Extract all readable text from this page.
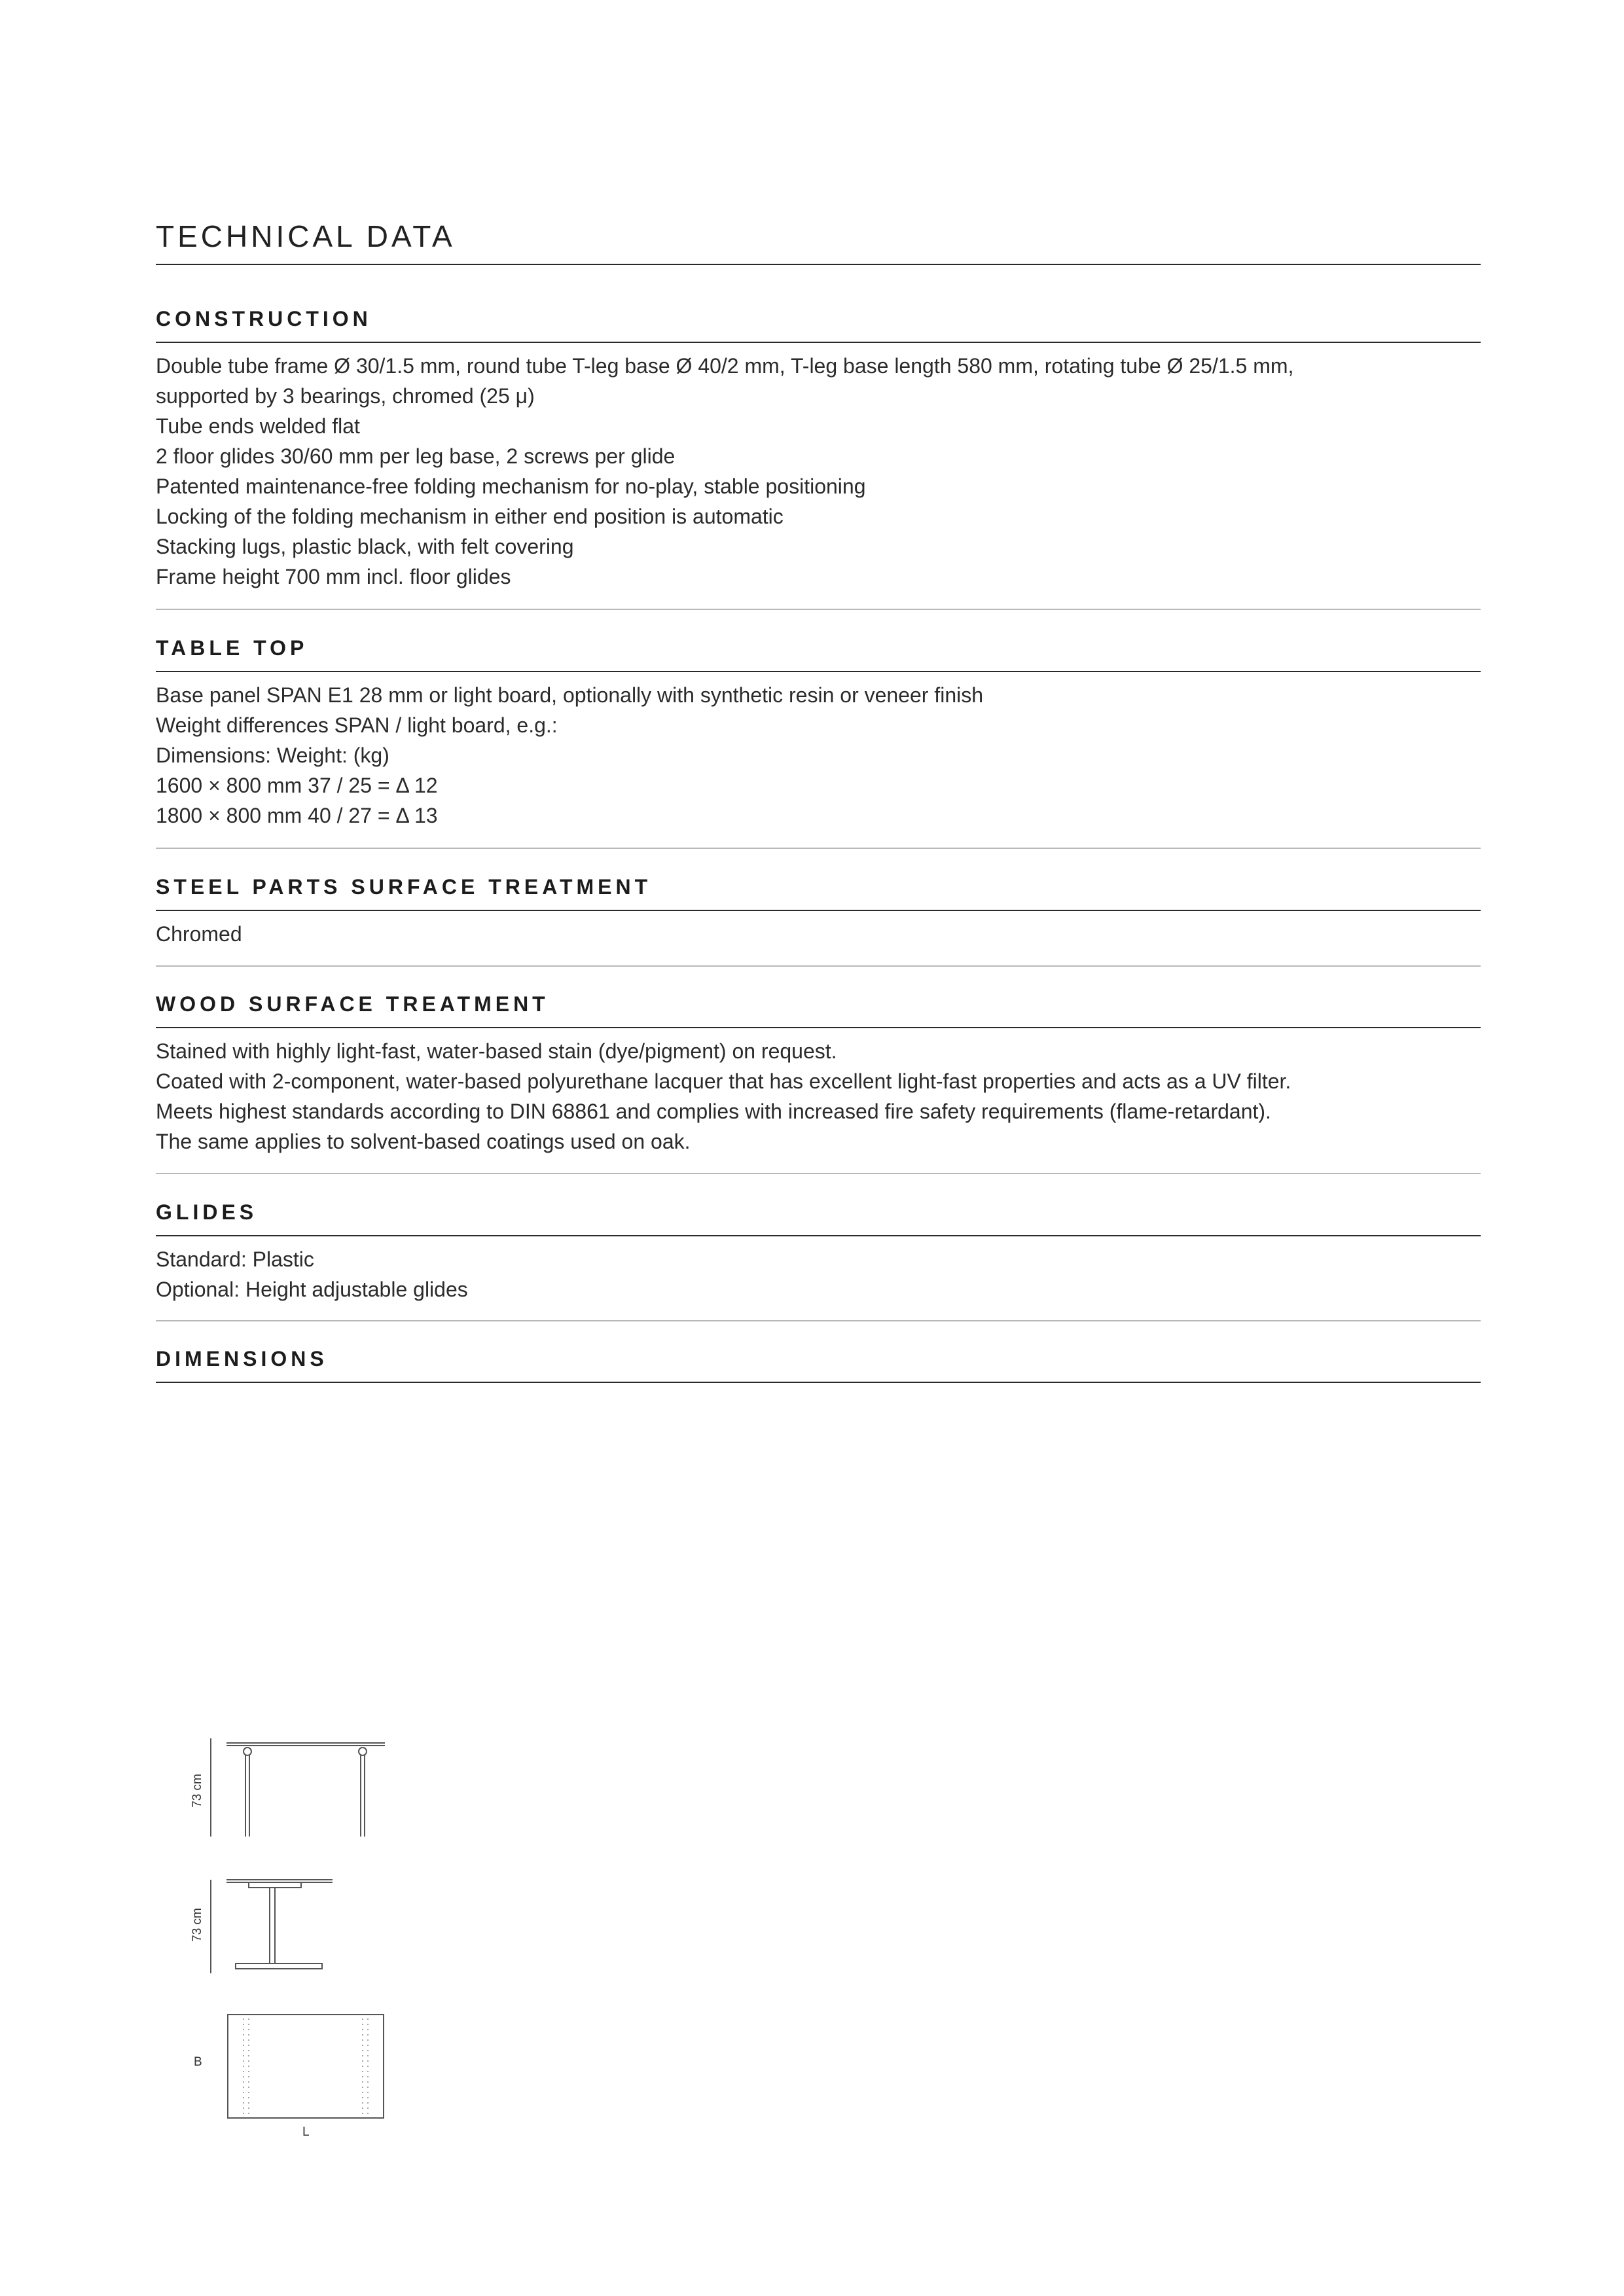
TECHNICAL DATA
CONSTRUCTION
Double tube frame Ø 30/1.5 mm, round tube T-leg base Ø 40/2 mm, T-leg base length 580 mm, rotating tube Ø 25/1.5 mm,
supported by 3 bearings, chromed (25 μ)
Tube ends welded flat
2 floor glides 30/60 mm per leg base, 2 screws per glide
Patented maintenance-free folding mechanism for no-play, stable positioning
Locking of the folding mechanism in either end position is automatic
Stacking lugs, plastic black, with felt covering
Frame height 700 mm incl. floor glides
TABLE TOP
Base panel SPAN E1 28 mm or light board, optionally with synthetic resin or veneer finish
Weight differences SPAN / light board, e.g.:
Dimensions: Weight: (kg)
1600 × 800 mm 37 / 25 = Δ 12
1800 × 800 mm 40 / 27 = Δ 13
STEEL PARTS SURFACE TREATMENT
Chromed
WOOD SURFACE TREATMENT
Stained with highly light-fast, water-based stain (dye/pigment) on request.
Coated with 2-component, water-based polyurethane lacquer that has excellent light-fast properties and acts as a UV filter.
Meets highest standards according to DIN 68861 and complies with increased fire safety requirements (flame-retardant).
The same applies to solvent-based coatings used on oak.
GLIDES
Standard: Plastic
Optional: Height adjustable glides
DIMENSIONS
73 cm
73 cm
B
L
